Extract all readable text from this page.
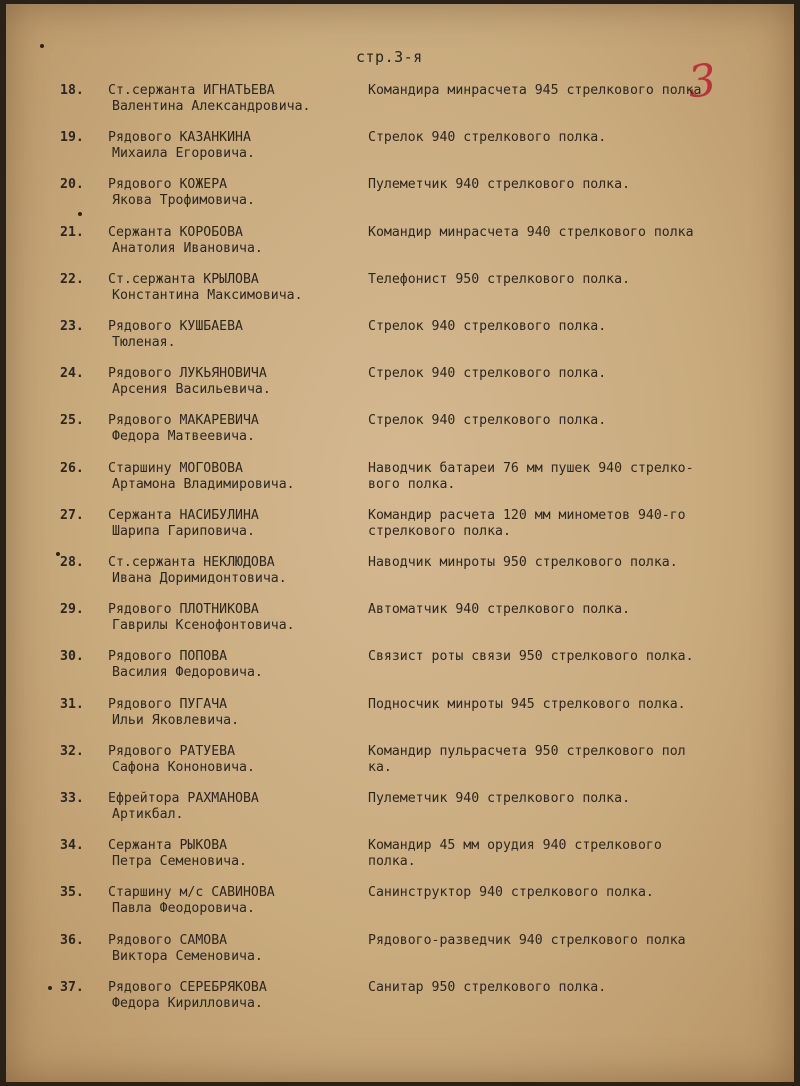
стр.3-я	3
18.	Ст.сержанта ИГНАТЬЕВА
Валентина Александровича.
Командира минрасчета 945 стрелкового полка
19.	Рядового КАЗАНКИНА
Михаила Егоровича.
Стрелок 940 стрелкового полка.
20.	Рядового КОЖЕРА
Якова Трофимовича.
Пулеметчик 940 стрелкового полка.
21.	Сержанта КОРОБОВА
Анатолия Ивановича.
Командир минрасчета 940 стрелкового полка
22.	Ст.сержанта КРЫЛОВА
Константина Максимовича.
Телефонист 950 стрелкового полка.
23.	Рядового КУШБАЕВА
Тюленая.
Стрелок 940 стрелкового полка.
24.	Рядового ЛУКЬЯНОВИЧА
Арсения Васильевича.
Стрелок 940 стрелкового полка.
25.	Рядового МАКАРЕВИЧА
Федора Матвеевича.
Стрелок 940 стрелкового полка.
26.	Старшину МОГОВОВА
Артамона Владимировича.
Наводчик батареи 76 мм пушек 940 стрелко-
вого полка.
27.	Сержанта НАСИБУЛИНА
Шарипа Гариповича.
Командир расчета 120 мм минометов 940-го
стрелкового полка.
28.	Ст.сержанта НЕКЛЮДОВА
Ивана Доримидонтовича.
Наводчик минроты 950 стрелкового полка.
29.	Рядового ПЛОТНИКОВА
Гаврилы Ксенофонтовича.
Автоматчик 940 стрелкового полка.
30.	Рядового ПОПОВА
Василия Федоровича.
Связист роты связи 950 стрелкового полка.
31.	Рядового ПУГАЧА
Ильи Яковлевича.
Подносчик минроты 945 стрелкового полка.
32.	Рядового РАТУЕВА
Сафона Кононовича.
Командир пульрасчета 950 стрелкового пол
ка.
33.	Ефрейтора РАХМАНОВА
Артикбал.
Пулеметчик 940 стрелкового полка.
34.	Сержанта РЫКОВА
Петра Семеновича.
Командир 45 мм орудия 940 стрелкового
полка.
35.	Старшину м/с САВИНОВА
Павла Феодоровича.
Санинструктор 940 стрелкового полка.
36.	Рядового САМОВА
Виктора Семеновича.
Рядового-разведчик 940 стрелкового полка
37.	Рядового СЕРЕБРЯКОВА
Федора Кирилловича.
Санитар 950 стрелкового полка.
